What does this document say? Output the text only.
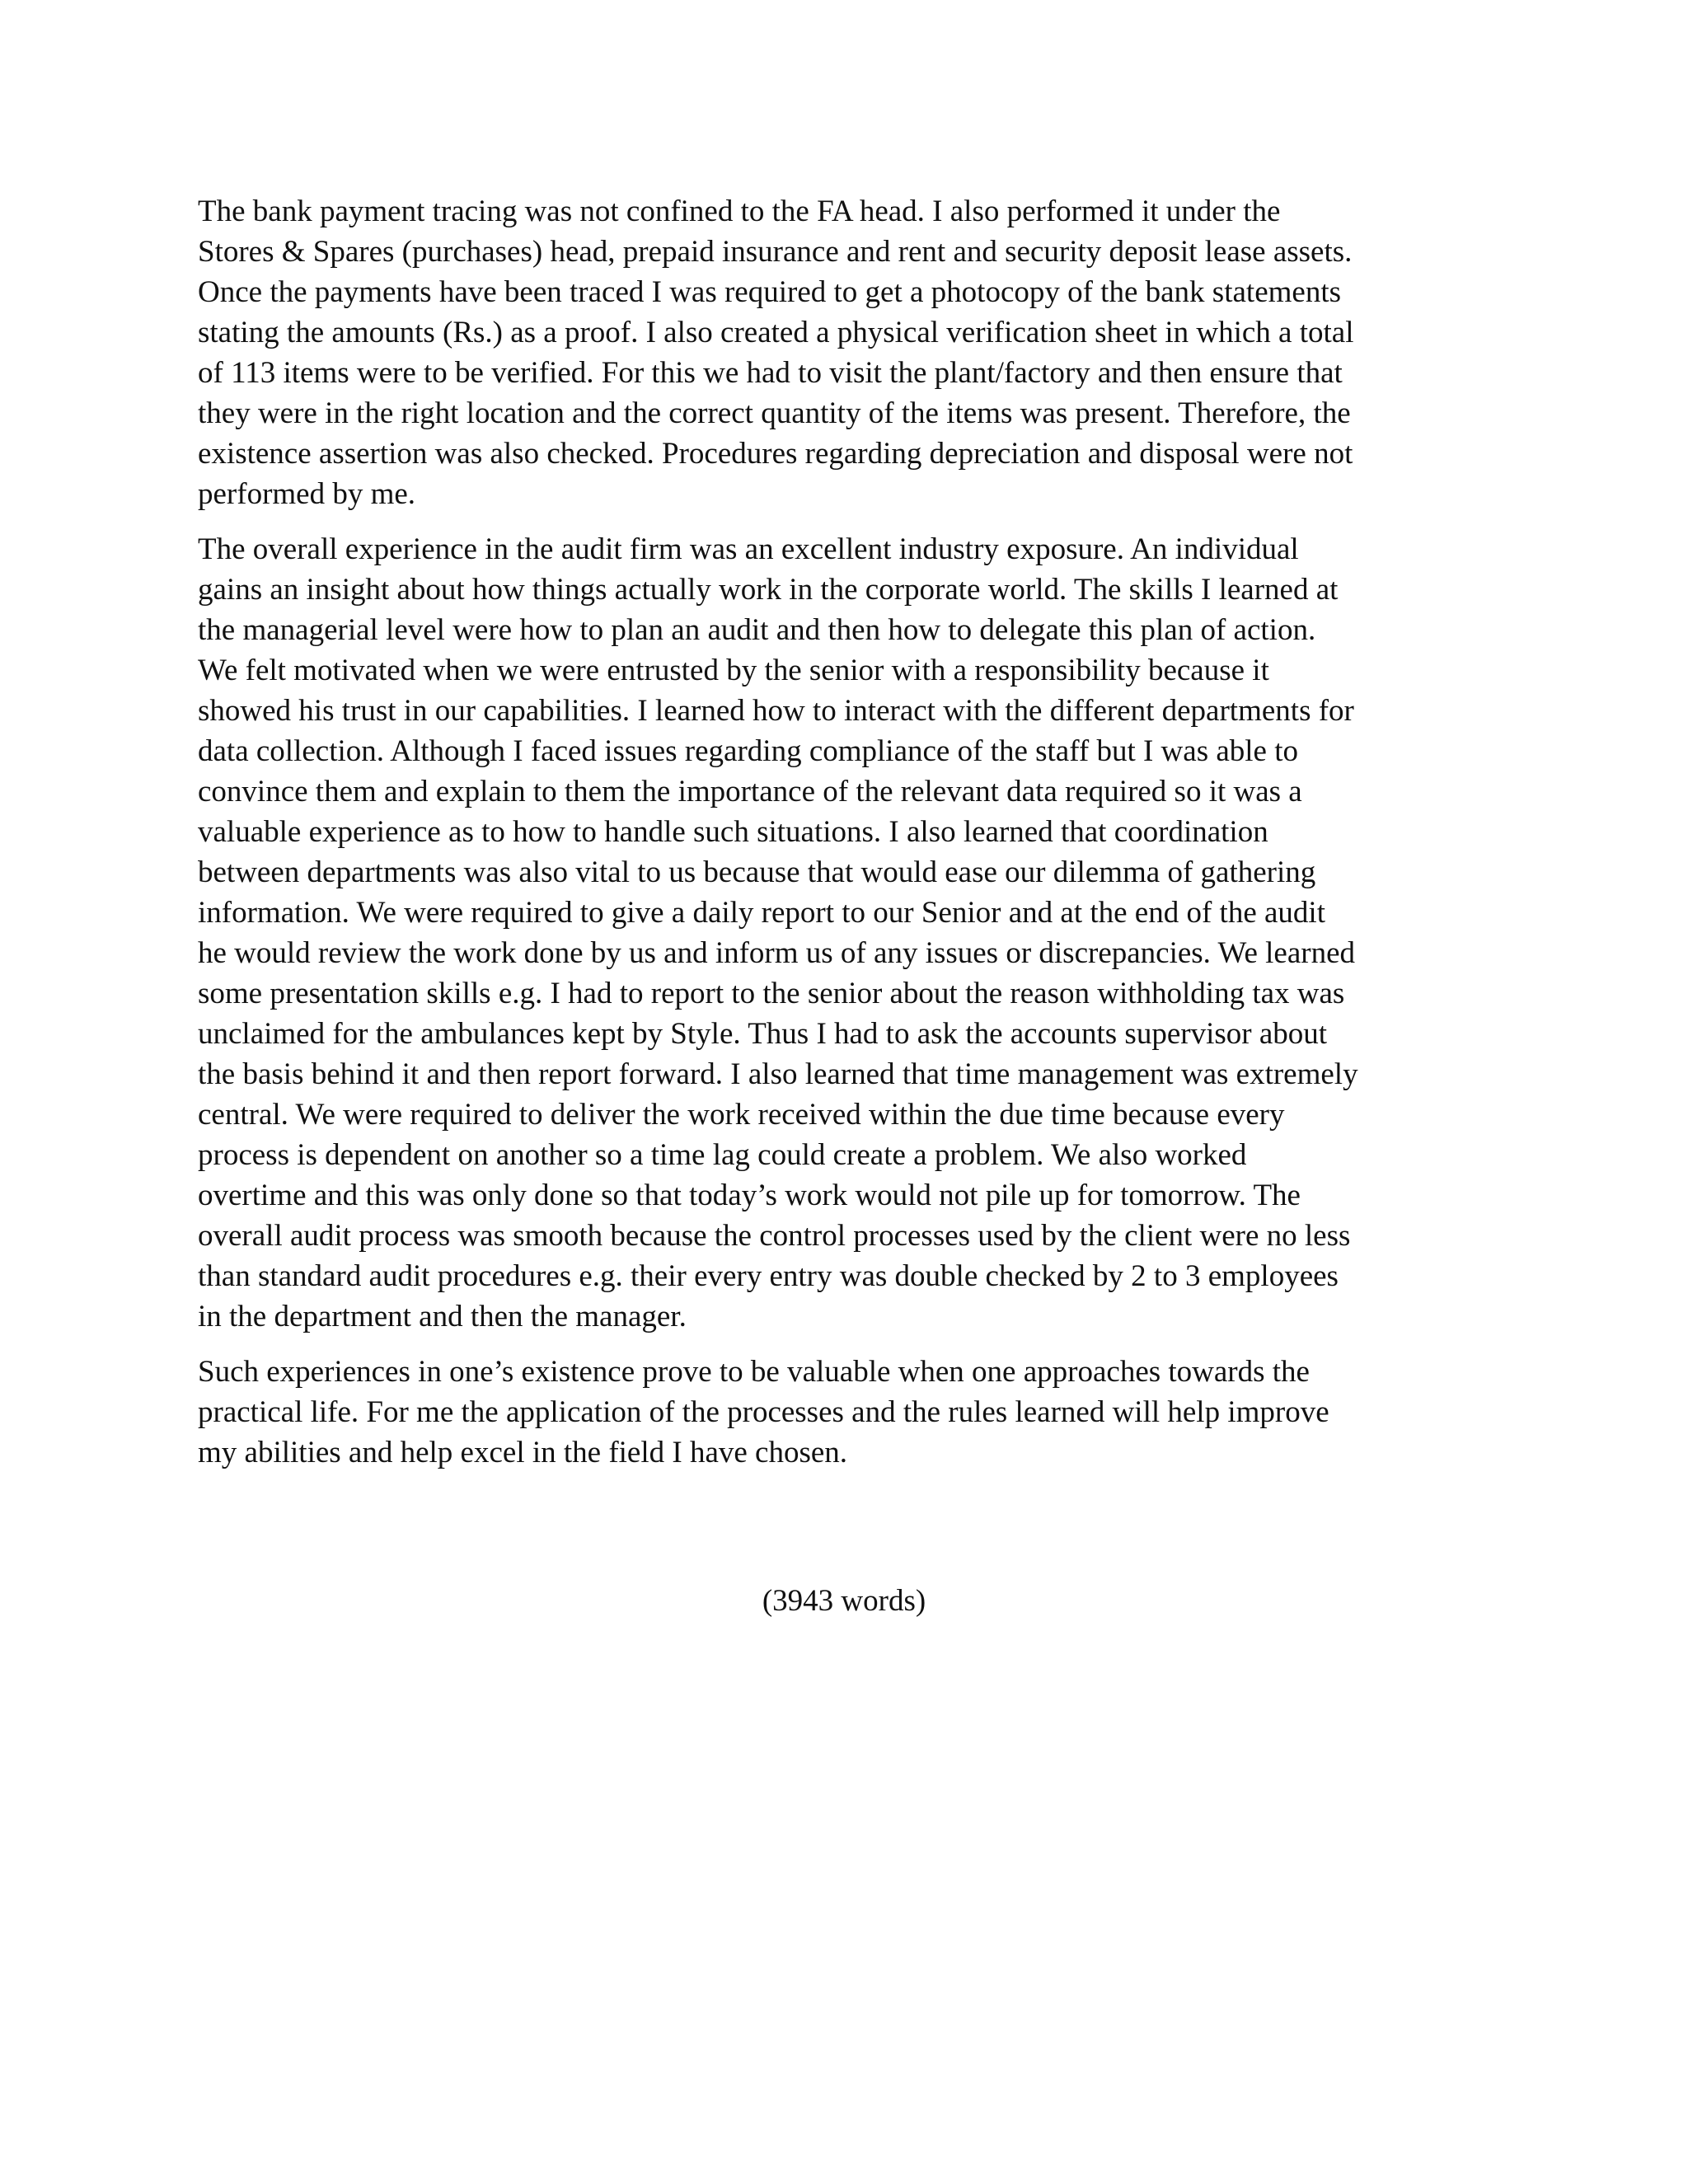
The bank payment tracing was not confined to the FA head. I also performed it under the
Stores & Spares (purchases) head, prepaid insurance and rent and security deposit lease assets.
Once the payments have been traced I was required to get a photocopy of the bank statements
stating the amounts (Rs.) as a proof. I also created a physical verification sheet in which a total
of 113 items were to be verified. For this we had to visit the plant/factory and then ensure that
they were in the right location and the correct quantity of the items was present. Therefore, the
existence assertion was also checked. Procedures regarding depreciation and disposal were not
performed by me.

The overall experience in the audit firm was an excellent industry exposure. An individual
gains an insight about how things actually work in the corporate world. The skills I learned at
the managerial level were how to plan an audit and then how to delegate this plan of action.
We felt motivated when we were entrusted by the senior with a responsibility because it
showed his trust in our capabilities. I learned how to interact with the different departments for
data collection. Although I faced issues regarding compliance of the staff but I was able to
convince them and explain to them the importance of the relevant data required so it was a
valuable experience as to how to handle such situations. I also learned that coordination
between departments was also vital to us because that would ease our dilemma of gathering
information. We were required to give a daily report to our Senior and at the end of the audit
he would review the work done by us and inform us of any issues or discrepancies. We learned
some presentation skills e.g. I had to report to the senior about the reason withholding tax was
unclaimed for the ambulances kept by Style. Thus I had to ask the accounts supervisor about
the basis behind it and then report forward. I also learned that time management was extremely
central. We were required to deliver the work received within the due time because every
process is dependent on another so a time lag could create a problem. We also worked
overtime and this was only done so that today’s work would not pile up for tomorrow. The
overall audit process was smooth because the control processes used by the client were no less
than standard audit procedures e.g. their every entry was double checked by 2 to 3 employees
in the department and then the manager.

Such experiences in one’s existence prove to be valuable when one approaches towards the
practical life. For me the application of the processes and the rules learned will help improve
my abilities and help excel in the field I have chosen.

(3943 words)
